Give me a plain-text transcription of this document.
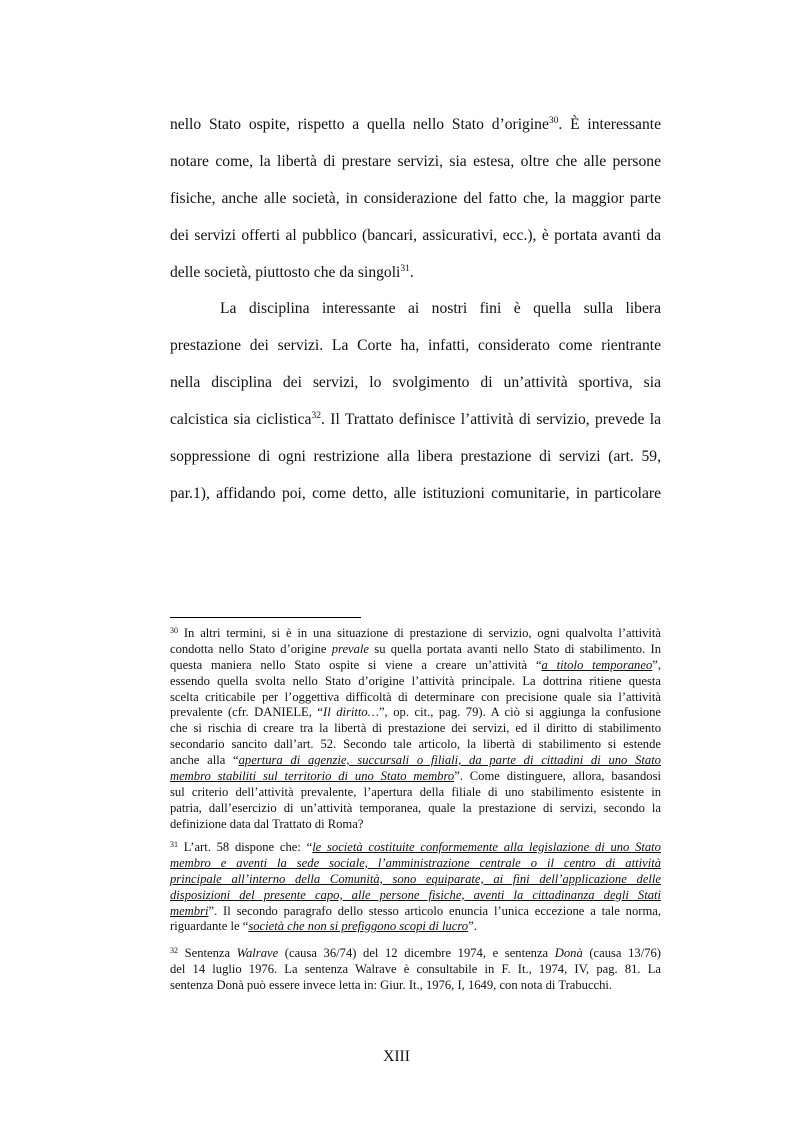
nello Stato ospite, rispetto a quella nello Stato d’origine$^{30}$. È interessante
notare come, la libertà di prestare servizi, sia estesa, oltre che alle persone
fisiche, anche alle società, in considerazione del fatto che, la maggior parte
dei servizi offerti al pubblico (bancari, assicurativi, ecc.), è portata avanti da
delle società, piuttosto che da singoli$^{31}$.
La disciplina interessante ai nostri fini è quella sulla libera
prestazione dei servizi. La Corte ha, infatti, considerato come rientrante
nella disciplina dei servizi, lo svolgimento di un’attività sportiva, sia
calcistica sia ciclistica$^{32}$. Il Trattato definisce l’attività di servizio, prevede la
soppressione di ogni restrizione alla libera prestazione di servizi (art. 59,
par.1), affidando poi, come detto, alle istituzioni comunitarie, in particolare
$^{30}$ In altri termini, si è in una situazione di prestazione di servizio, ogni qualvolta l’attività
condotta nello Stato d’origine prevale su quella portata avanti nello Stato di stabilimento. In
questa maniera nello Stato ospite si viene a creare un’attività “a titolo temporaneo”,
essendo quella svolta nello Stato d’origine l’attività principale. La dottrina ritiene questa
scelta criticabile per l’oggettiva difficoltà di determinare con precisione quale sia l’attività
prevalente (cfr. DANIELE, “Il diritto…”, op. cit., pag. 79). A ciò si aggiunga la confusione
che si rischia di creare tra la libertà di prestazione dei servizi, ed il diritto di stabilimento
secondario sancito dall’art. 52. Secondo tale articolo, la libertà di stabilimento si estende
anche alla “apertura di agenzie, succursali o filiali, da parte di cittadini di uno Stato
membro stabiliti sul territorio di uno Stato membro”. Come distinguere, allora, basandosi
sul criterio dell’attività prevalente, l’apertura della filiale di uno stabilimento esistente in
patria, dall’esercizio di un’attività temporanea, quale la prestazione di servizi, secondo la
definizione data dal Trattato di Roma?
$^{31}$ L’art. 58 dispone che: “le società costituite conformemente alla legislazione di uno Stato
membro e aventi la sede sociale, l’amministrazione centrale o il centro di attività
principale all’interno della Comunità, sono equiparate, ai fini dell’applicazione delle
disposizioni del presente capo, alle persone fisiche, aventi la cittadinanza degli Stati
membri”. Il secondo paragrafo dello stesso articolo enuncia l’unica eccezione a tale norma,
riguardante le “società che non si prefiggono scopi di lucro”.
$^{32}$ Sentenza Walrave (causa 36/74) del 12 dicembre 1974, e sentenza Donà (causa 13/76)
del 14 luglio 1976. La sentenza Walrave è consultabile in F. It., 1974, IV, pag. 81. La
sentenza Donà può essere invece letta in: Giur. It., 1976, I, 1649, con nota di Trabucchi.
XIII
